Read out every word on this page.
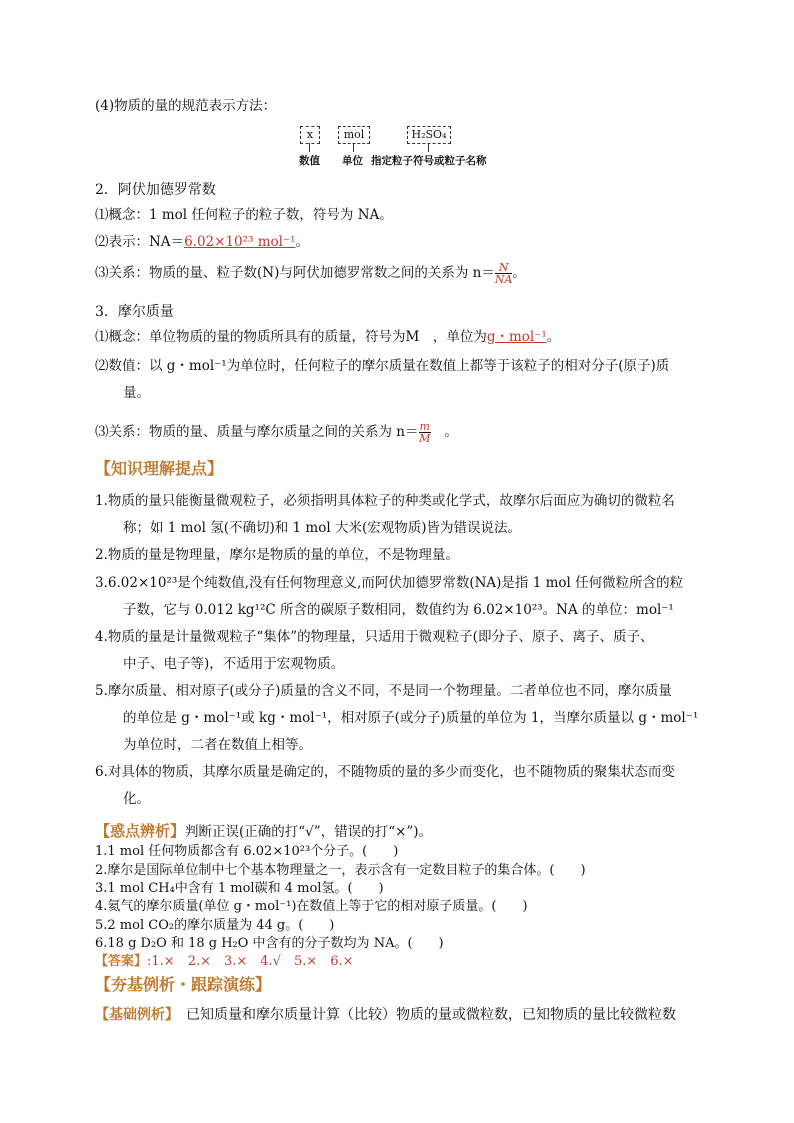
(4)物质的量的规范表示方法：
x	mol	H₂SO₄
数值 单位 指定粒子符号或粒子名称
2．阿伏加德罗常数
⑴概念：1 mol 任何粒子的粒子数，符号为 NA。
⑵表示：NA＝6.02×10²³ mol⁻¹。
⑶关系：物质的量、粒子数(N)与阿伏加德罗常数之间的关系为 $n= \frac{N}{NA}$ 。
3．摩尔质量
⑴概念：单位物质的量的物质所具有的质量，符号为M　，单位为g・mol⁻¹。
⑵数值：以 g・mol⁻¹为单位时，任何粒子的摩尔质量在数值上都等于该粒子的相对分子(原子)质
量。
⑶关系：物质的量、质量与摩尔质量之间的关系为 $n= \frac{m}{M}$ 　。
【知识理解提点】
1.物质的量只能衡量微观粒子，必须指明具体粒子的种类或化学式，故摩尔后面应为确切的微粒名
称；如 1 mol 氢(不确切)和 1 mol 大米(宏观物质)皆为错误说法。
2.物质的量是物理量，摩尔是物质的量的单位，不是物理量。
3.6.02×10²³是个纯数值,没有任何物理意义,而阿伏加德罗常数(NA)是指 1 mol 任何微粒所含的粒
子数，它与 0.012 kg¹²C 所含的碳原子数相同，数值约为 6.02×10²³。NA 的单位：mol⁻¹
4.物质的量是计量微观粒子“集体”的物理量，只适用于微观粒子(即分子、原子、离子、质子、
中子、电子等)，不适用于宏观物质。
5.摩尔质量、相对原子(或分子)质量的含义不同，不是同一个物理量。二者单位也不同，摩尔质量
的单位是 g・mol⁻¹或 kg・mol⁻¹，相对原子(或分子)质量的单位为 1，当摩尔质量以 g・mol⁻¹
为单位时，二者在数值上相等。
6.对具体的物质，其摩尔质量是确定的，不随物质的量的多少而变化，也不随物质的聚集状态而变
化。
【惑点辨析】判断正误(正确的打“√”，错误的打“×”)。
1.1 mol 任何物质都含有 6.02×10²³个分子。(　　)
2.摩尔是国际单位制中七个基本物理量之一，表示含有一定数目粒子的集合体。(　　)
3.1 mol CH₄中含有 1 mol碳和 4 mol氢。(　　)
4.氦气的摩尔质量(单位 g・mol⁻¹)在数值上等于它的相对原子质量。(　　)
5.2 mol CO₂的摩尔质量为 44 g。(　　)
6.18 g D₂O 和 18 g H₂O 中含有的分子数均为 NA。(　　)
【答案】:1.×　2.×　3.×　4.√　5.×　6.×
【夯基例析・跟踪演练】
【基础例析】　已知质量和摩尔质量计算（比较）物质的量或微粒数，已知物质的量比较微粒数
